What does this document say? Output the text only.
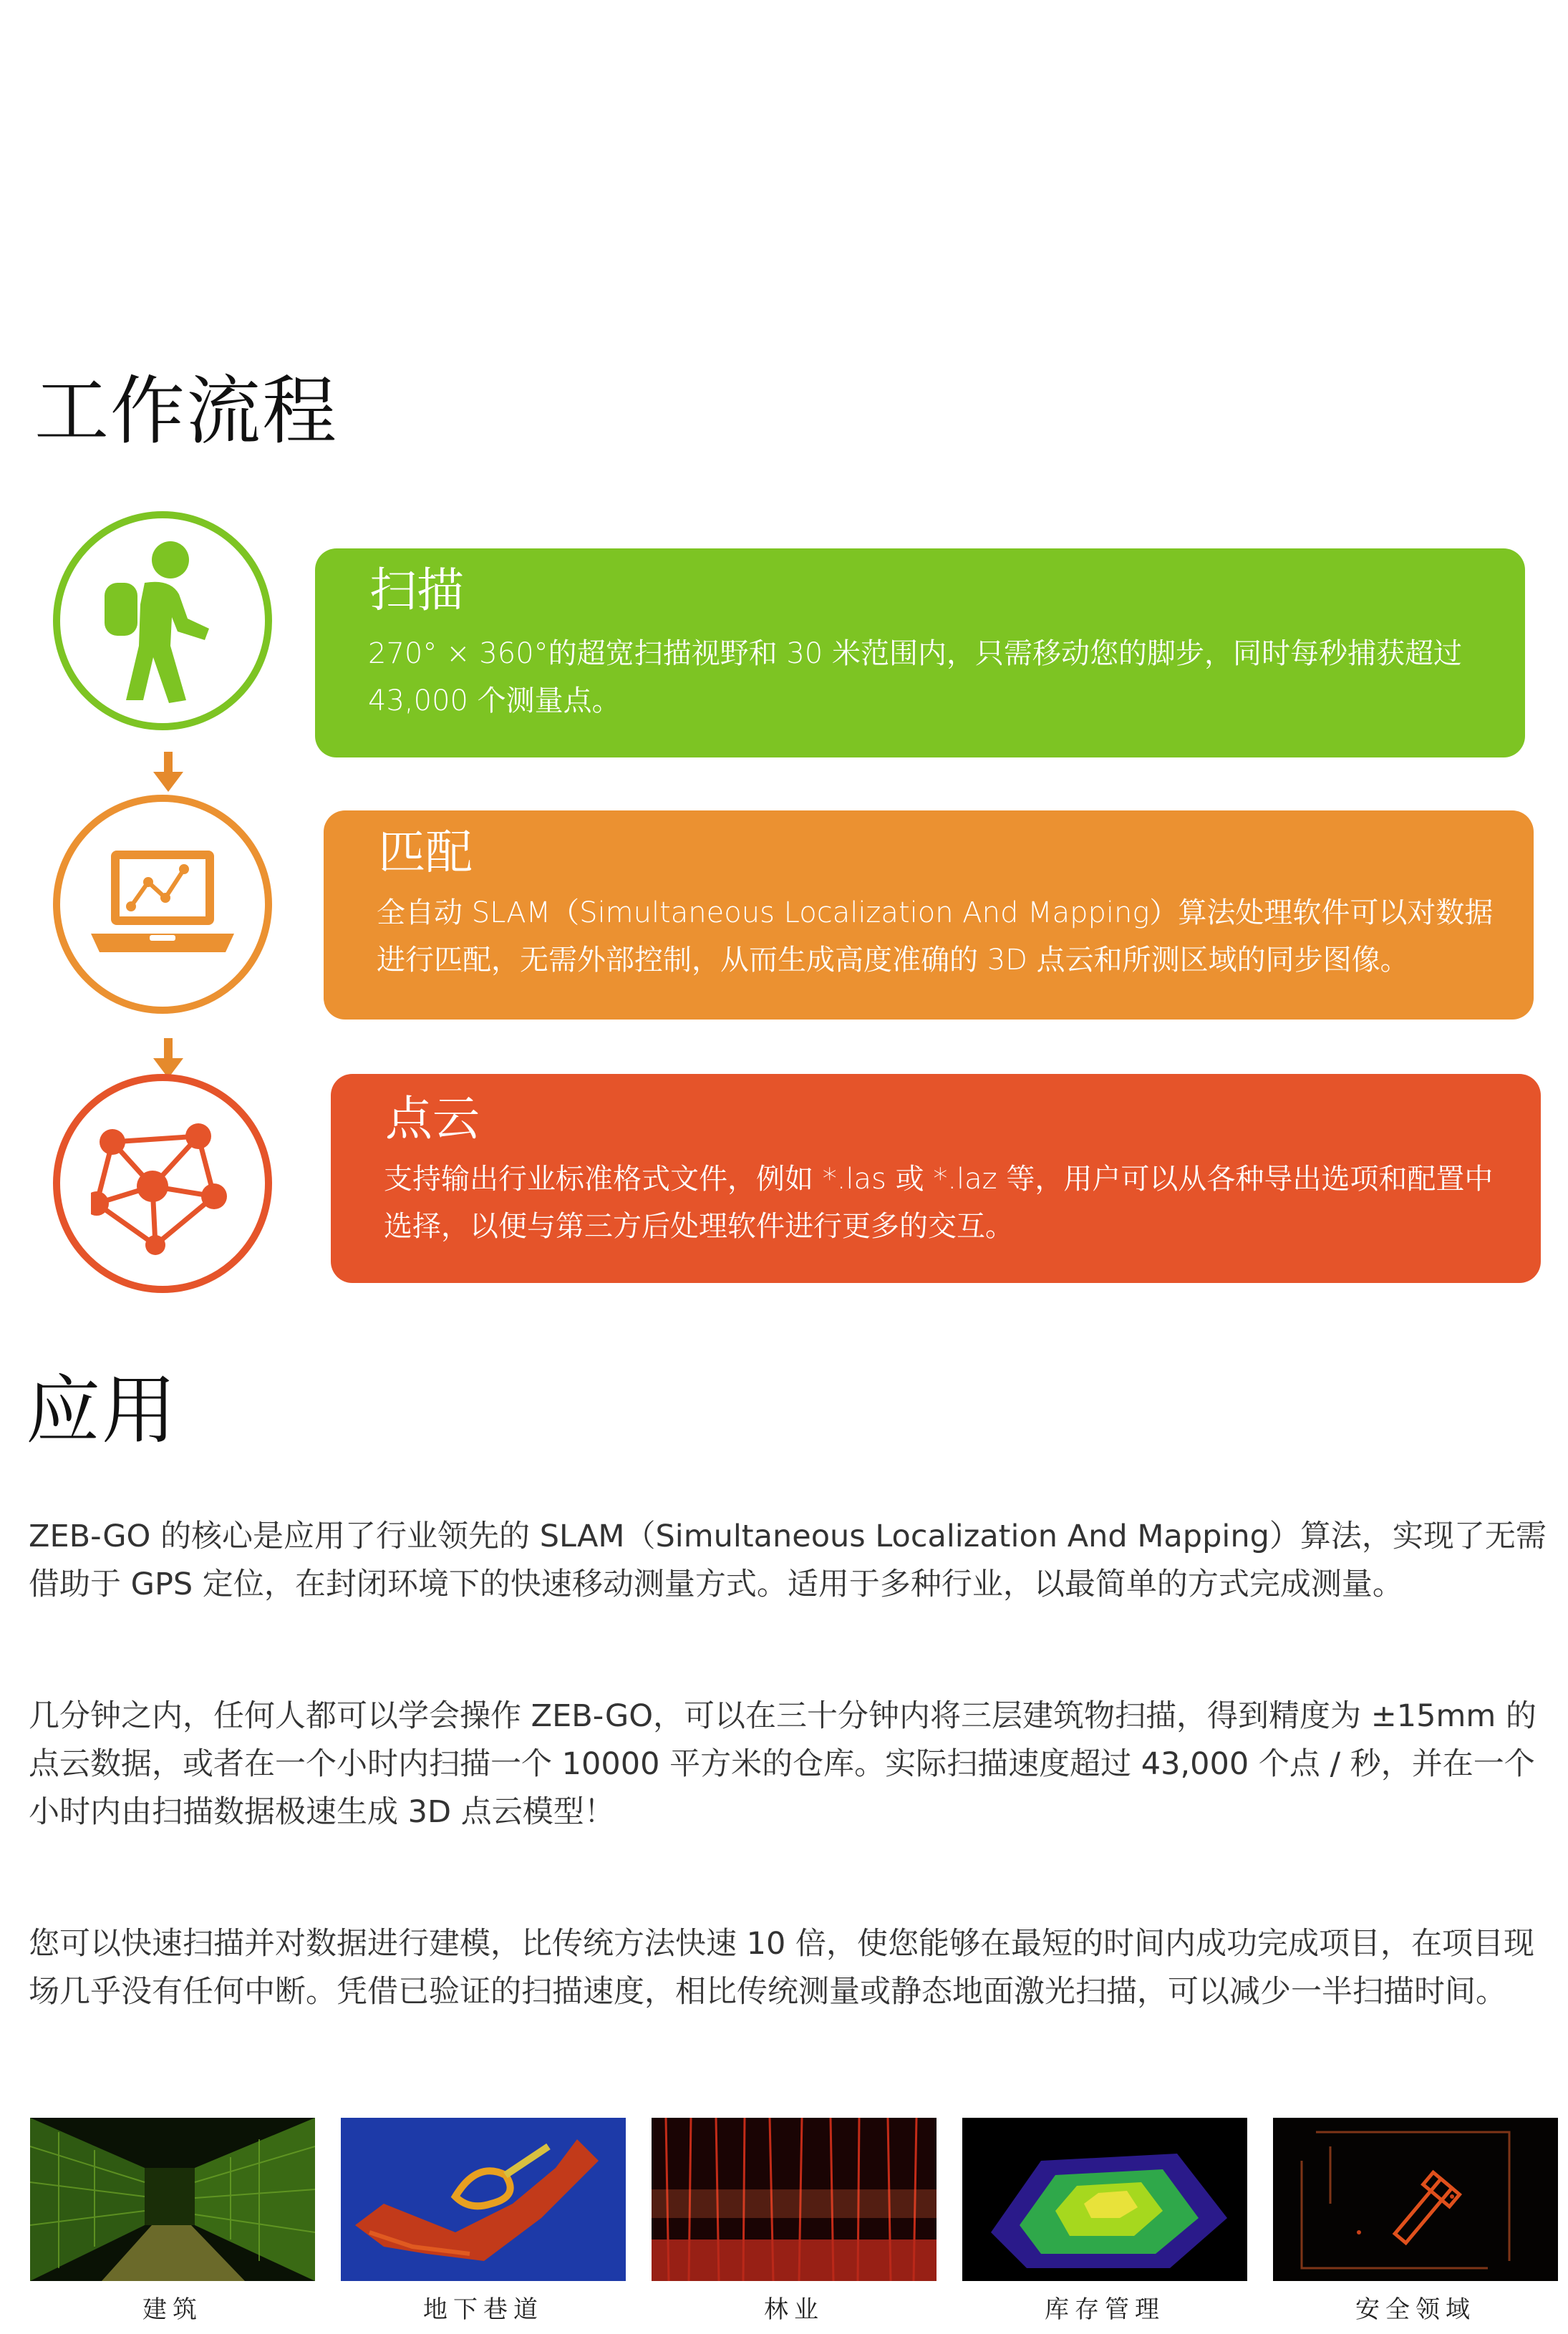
工作流程
扫描

270° × 360°的超宽扫描视野和 30 米范围内，只需移动您的脚步，同时每秒捕获超过 43,000 个测量点。

匹配

全自动 SLAM（Simultaneous Localization And Mapping）算法处理软件可以对数据进行匹配，无需外部控制，从而生成高度准确的 3D 点云和所测区域的同步图像。

点云

支持输出行业标准格式文件，例如 *.las 或 *.laz 等，用户可以从各种导出选项和配置中选择，以便与第三方后处理软件进行更多的交互。

应用

ZEB-GO 的核心是应用了行业领先的 SLAM（Simultaneous Localization And Mapping）算法，实现了无需借助于 GPS 定位，在封闭环境下的快速移动测量方式。适用于多种行业，以最简单的方式完成测量。

几分钟之内，任何人都可以学会操作 ZEB-GO，可以在三十分钟内将三层建筑物扫描，得到精度为 ±15mm 的点云数据，或者在一个小时内扫描一个 10000 平方米的仓库。实际扫描速度超过 43,000 个点 / 秒，并在一个小时内由扫描数据极速生成 3D 点云模型！

您可以快速扫描并对数据进行建模，比传统方法快速 10 倍，使您能够在最短的时间内成功完成项目，在项目现场几乎没有任何中断。凭借已验证的扫描速度，相比传统测量或静态地面激光扫描，可以减少一半扫描时间。

建筑	地下巷道	林业	库存管理	安全领域
